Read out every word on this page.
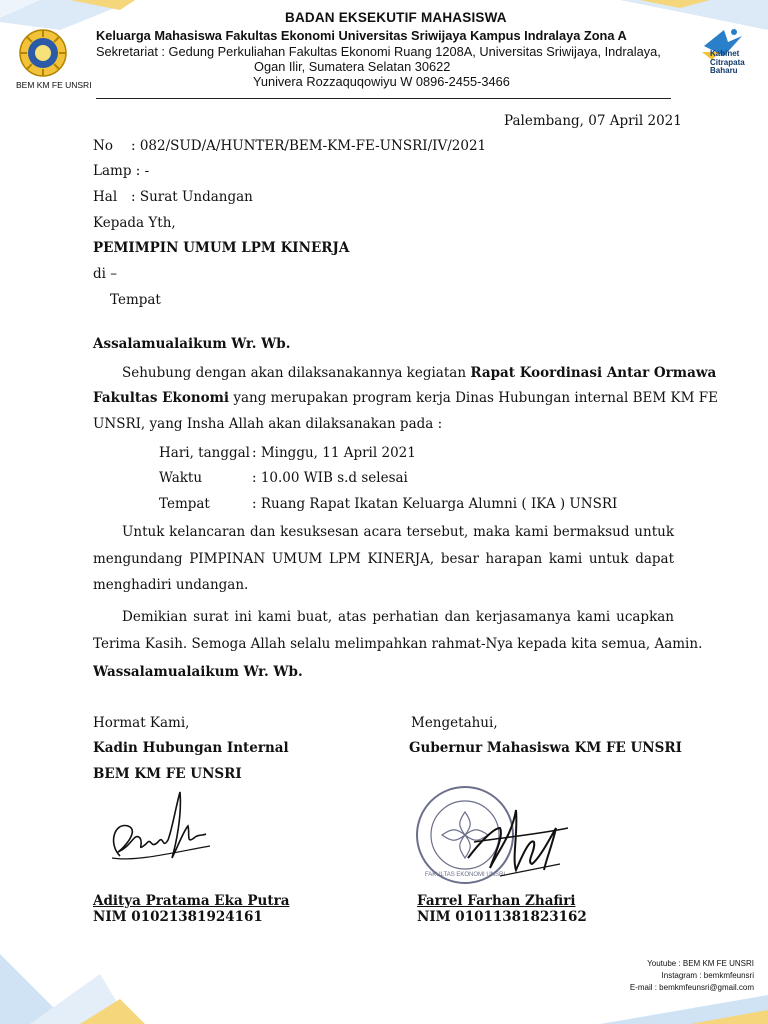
BEM KM FE UNSRI
BADAN EKSEKUTIF MAHASISWA
Keluarga Mahasiswa Fakultas Ekonomi Universitas Sriwijaya Kampus Indralaya Zona A
Sekretariat : Gedung Perkuliahan Fakultas Ekonomi Ruang 1208A, Universitas Sriwijaya, Indralaya,
Ogan Ilir, Sumatera Selatan 30622
Yunivera Rozzaquqowiyu W 0896-2455-3466
Kabinet
Citrapata
Baharu
Palembang, 07 April 2021
No : 082/SUD/A/HUNTER/BEM-KM-FE-UNSRI/IV/2021
Lamp : -
Hal : Surat Undangan
Kepada Yth,
PEMIMPIN UMUM LPM KINERJA
di –
Tempat
Assalamualaikum Wr. Wb.
Sehubung dengan akan dilaksanakannya kegiatan Rapat Koordinasi Antar Ormawa
Fakultas Ekonomi yang merupakan program kerja Dinas Hubungan internal BEM KM FE
UNSRI, yang Insha Allah akan dilaksanakan pada :
Hari, tanggal : Minggu, 11 April 2021
Waktu	: 10.00 WIB s.d selesai
Tempat	: Ruang Rapat Ikatan Keluarga Alumni ( IKA ) UNSRI
Untuk kelancaran dan kesuksesan acara tersebut, maka kami bermaksud untuk
mengundang PIMPINAN UMUM LPM KINERJA, besar harapan kami untuk dapat
menghadiri undangan.
Demikian surat ini kami buat, atas perhatian dan kerjasamanya kami ucapkan
Terima Kasih. Semoga Allah selalu melimpahkan rahmat-Nya kepada kita semua, Aamin.
Wassalamualaikum Wr. Wb.
Hormat Kami,
Kadin Hubungan Internal
BEM KM FE UNSRI
Aditya Pratama Eka Putra
NIM 01021381924161
Mengetahui,
Gubernur Mahasiswa KM FE UNSRI
FAKULTAS EKONOMI UNSRI
Farrel Farhan Zhafiri
NIM 01011381823162
Youtube : BEM KM FE UNSRI
Instagram : bemkmfeunsri
E-mail : bemkmfeunsri@gmail.com
